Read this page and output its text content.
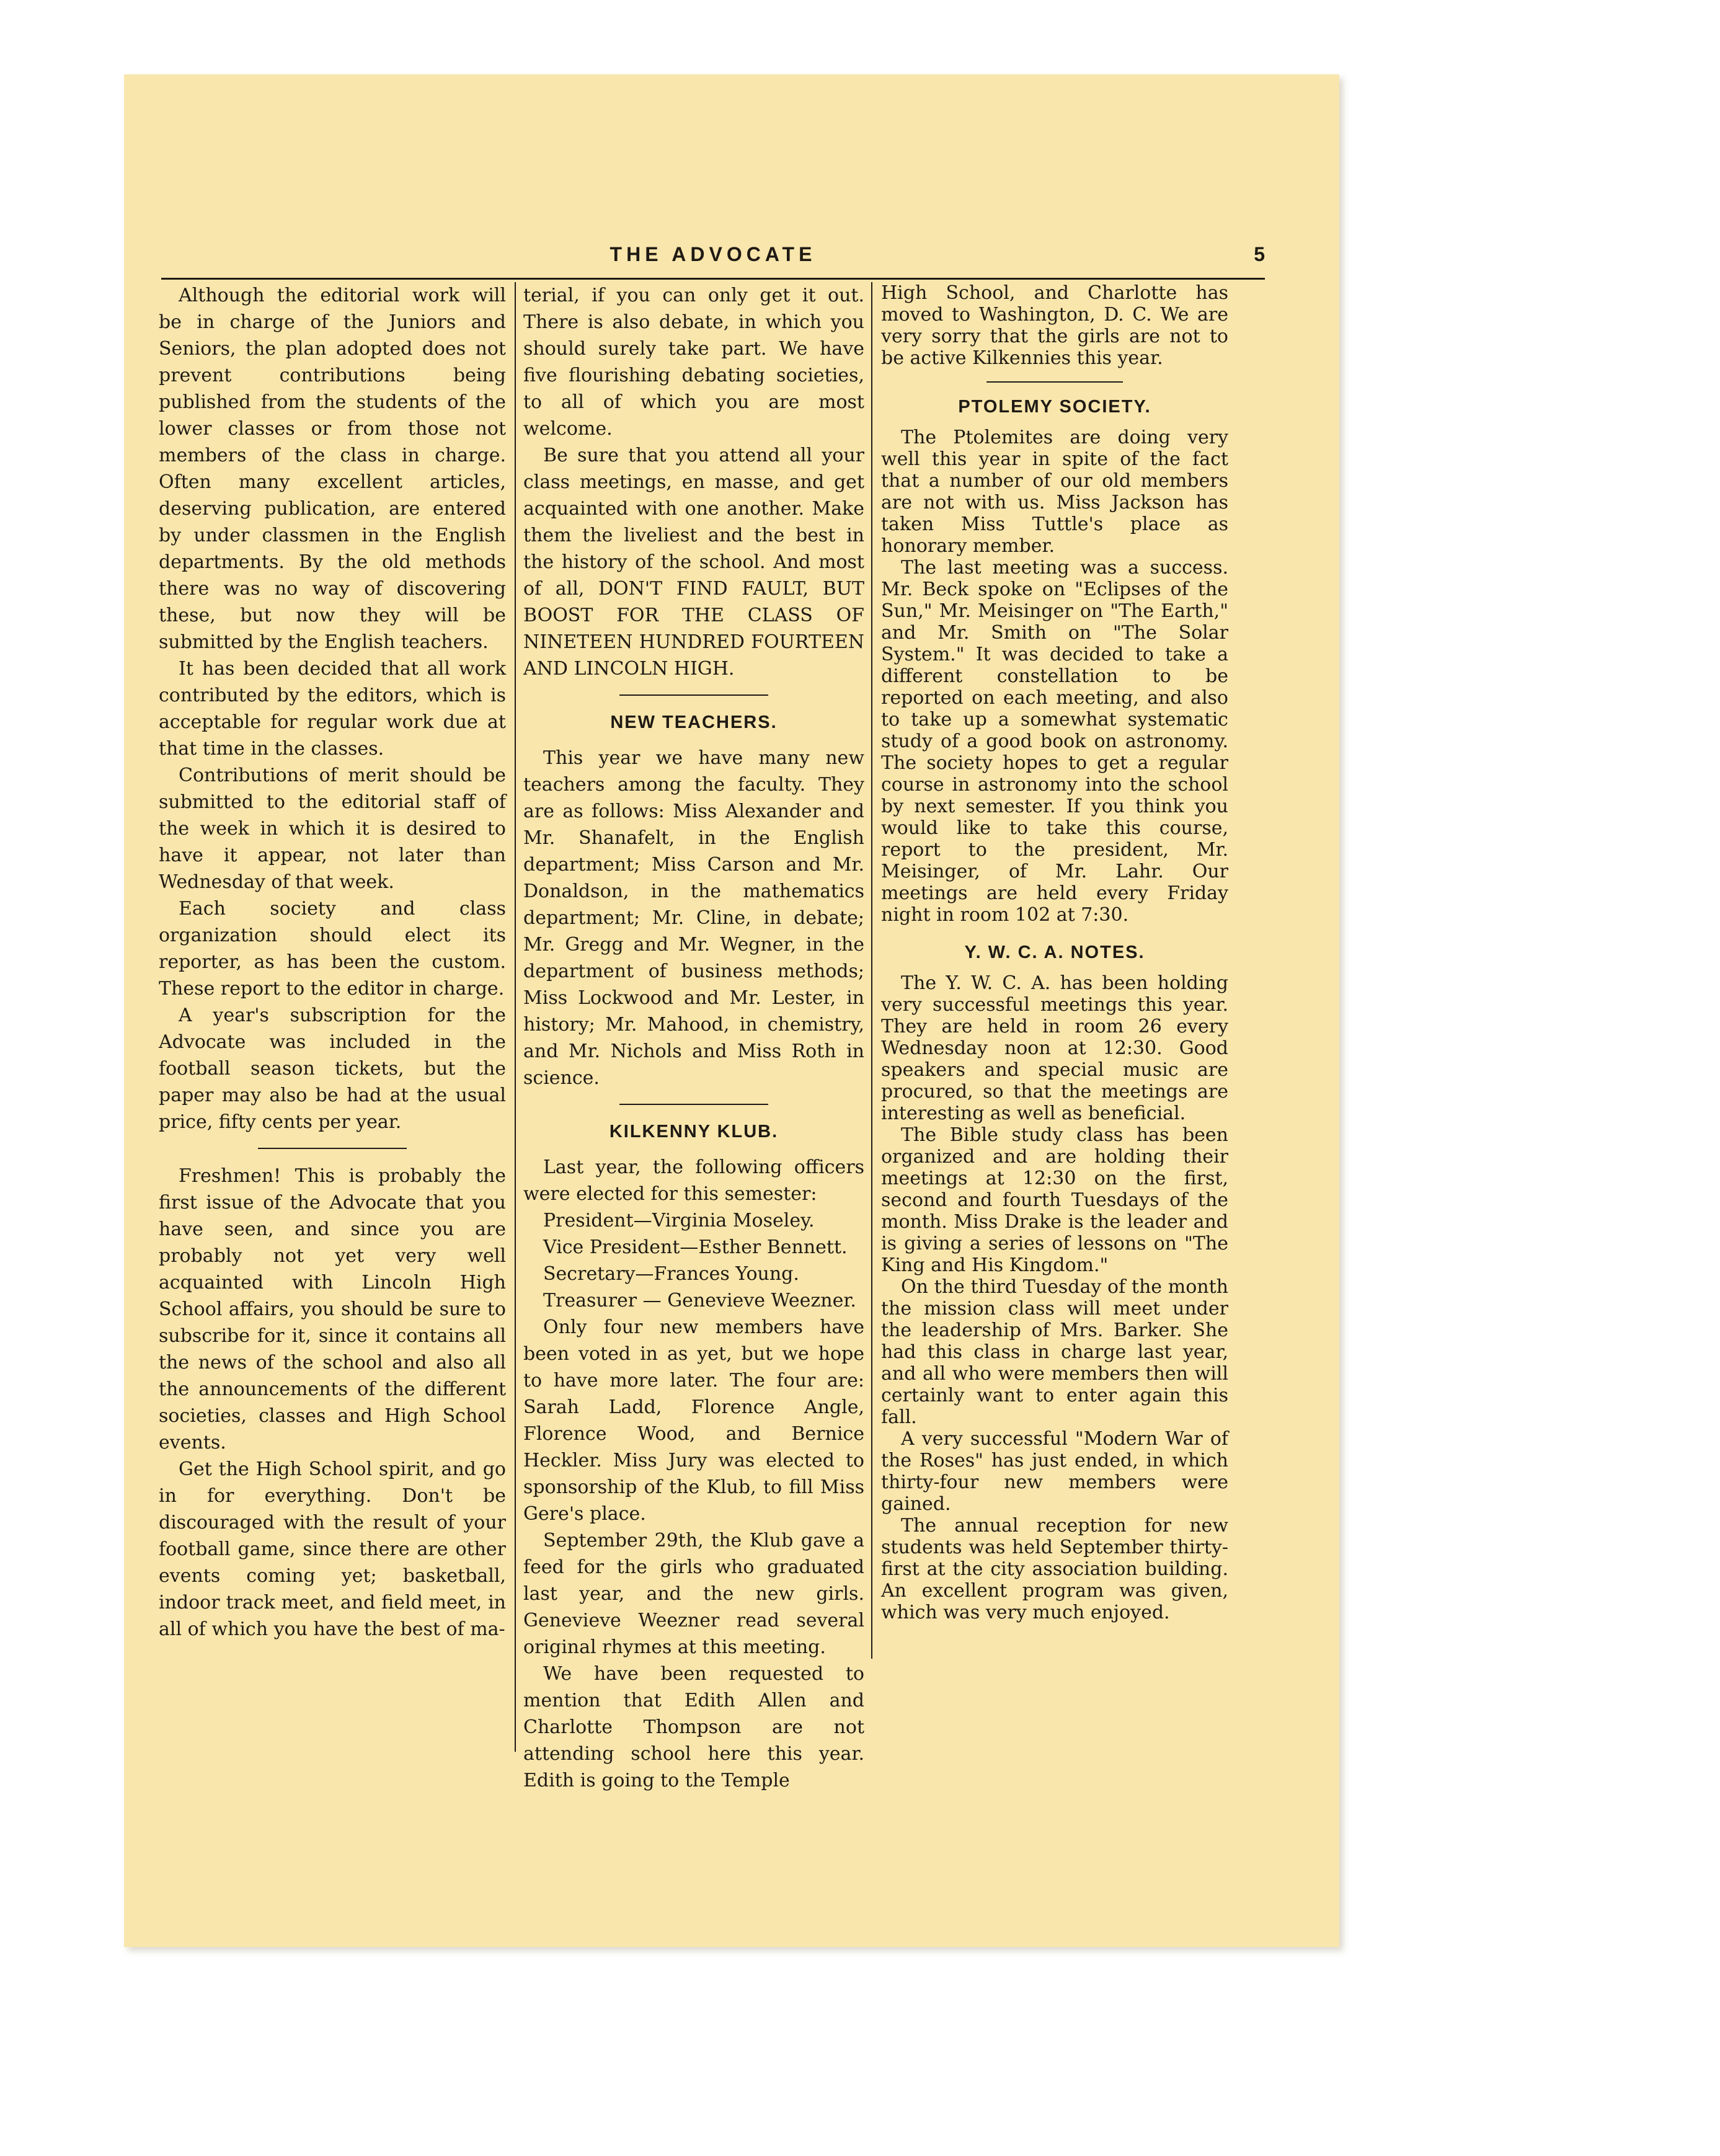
THE ADVOCATE	5

Although the editorial work will be in charge of the Juniors and Seniors, the plan adopted does not prevent contributions being published from the students of the lower classes or from those not members of the class in charge. Often many excellent articles, deserving publication, are entered by under classmen in the English departments. By the old methods there was no way of discovering these, but now they will be submitted by the English teachers.

It has been decided that all work contributed by the editors, which is acceptable for regular work due at that time in the classes.

Contributions of merit should be submitted to the editorial staff of the week in which it is desired to have it appear, not later than Wednesday of that week.

Each society and class organization should elect its reporter, as has been the custom. These report to the editor in charge.

A year's subscription for the Advocate was included in the football season tickets, but the paper may also be had at the usual price, fifty cents per year.

Freshmen! This is probably the first issue of the Advocate that you have seen, and since you are probably not yet very well acquainted with Lincoln High School affairs, you should be sure to subscribe for it, since it contains all the news of the school and also all the announcements of the different societies, classes and High School events.

Get the High School spirit, and go in for everything. Don't be discouraged with the result of your football game, since there are other events coming yet; basketball, indoor track meet, and field meet, in all of which you have the best of ma-

terial, if you can only get it out. There is also debate, in which you should surely take part. We have five flourishing debating societies, to all of which you are most welcome.

Be sure that you attend all your class meetings, en masse, and get acquainted with one another. Make them the liveliest and the best in the history of the school. And most of all, DON'T FIND FAULT, BUT BOOST FOR THE CLASS OF NINETEEN HUNDRED FOURTEEN AND LINCOLN HIGH.

NEW TEACHERS.

This year we have many new teachers among the faculty. They are as follows: Miss Alexander and Mr. Shanafelt, in the English department; Miss Carson and Mr. Donaldson, in the mathematics department; Mr. Cline, in debate; Mr. Gregg and Mr. Wegner, in the department of business methods; Miss Lockwood and Mr. Lester, in history; Mr. Mahood, in chemistry, and Mr. Nichols and Miss Roth in science.

KILKENNY KLUB.

Last year, the following officers were elected for this semester:

President—Virginia Moseley.

Vice President—Esther Bennett.

Secretary—Frances Young.

Treasurer — Genevieve Weezner.

Only four new members have been voted in as yet, but we hope to have more later. The four are: Sarah Ladd, Florence Angle, Florence Wood, and Bernice Heckler. Miss Jury was elected to sponsorship of the Klub, to fill Miss Gere's place.

September 29th, the Klub gave a feed for the girls who graduated last year, and the new girls. Genevieve Weezner read several original rhymes at this meeting.

We have been requested to mention that Edith Allen and Charlotte Thompson are not attending school here this year. Edith is going to the Temple

High School, and Charlotte has moved to Washington, D. C. We are very sorry that the girls are not to be active Kilkennies this year.

PTOLEMY SOCIETY.

The Ptolemites are doing very well this year in spite of the fact that a number of our old members are not with us. Miss Jackson has taken Miss Tuttle's place as honorary member.

The last meeting was a success. Mr. Beck spoke on "Eclipses of the Sun," Mr. Meisinger on "The Earth," and Mr. Smith on "The Solar System." It was decided to take a different constellation to be reported on each meeting, and also to take up a somewhat systematic study of a good book on astronomy. The society hopes to get a regular course in astronomy into the school by next semester. If you think you would like to take this course, report to the president, Mr. Meisinger, of Mr. Lahr. Our meetings are held every Friday night in room 102 at 7:30.

Y. W. C. A. NOTES.

The Y. W. C. A. has been holding very successful meetings this year. They are held in room 26 every Wednesday noon at 12:30. Good speakers and special music are procured, so that the meetings are interesting as well as beneficial.

The Bible study class has been organized and are holding their meetings at 12:30 on the first, second and fourth Tuesdays of the month. Miss Drake is the leader and is giving a series of lessons on "The King and His Kingdom."

On the third Tuesday of the month the mission class will meet under the leadership of Mrs. Barker. She had this class in charge last year, and all who were members then will certainly want to enter again this fall.

A very successful "Modern War of the Roses" has just ended, in which thirty-four new members were gained.

The annual reception for new students was held September thirty-first at the city association building. An excellent program was given, which was very much enjoyed.
